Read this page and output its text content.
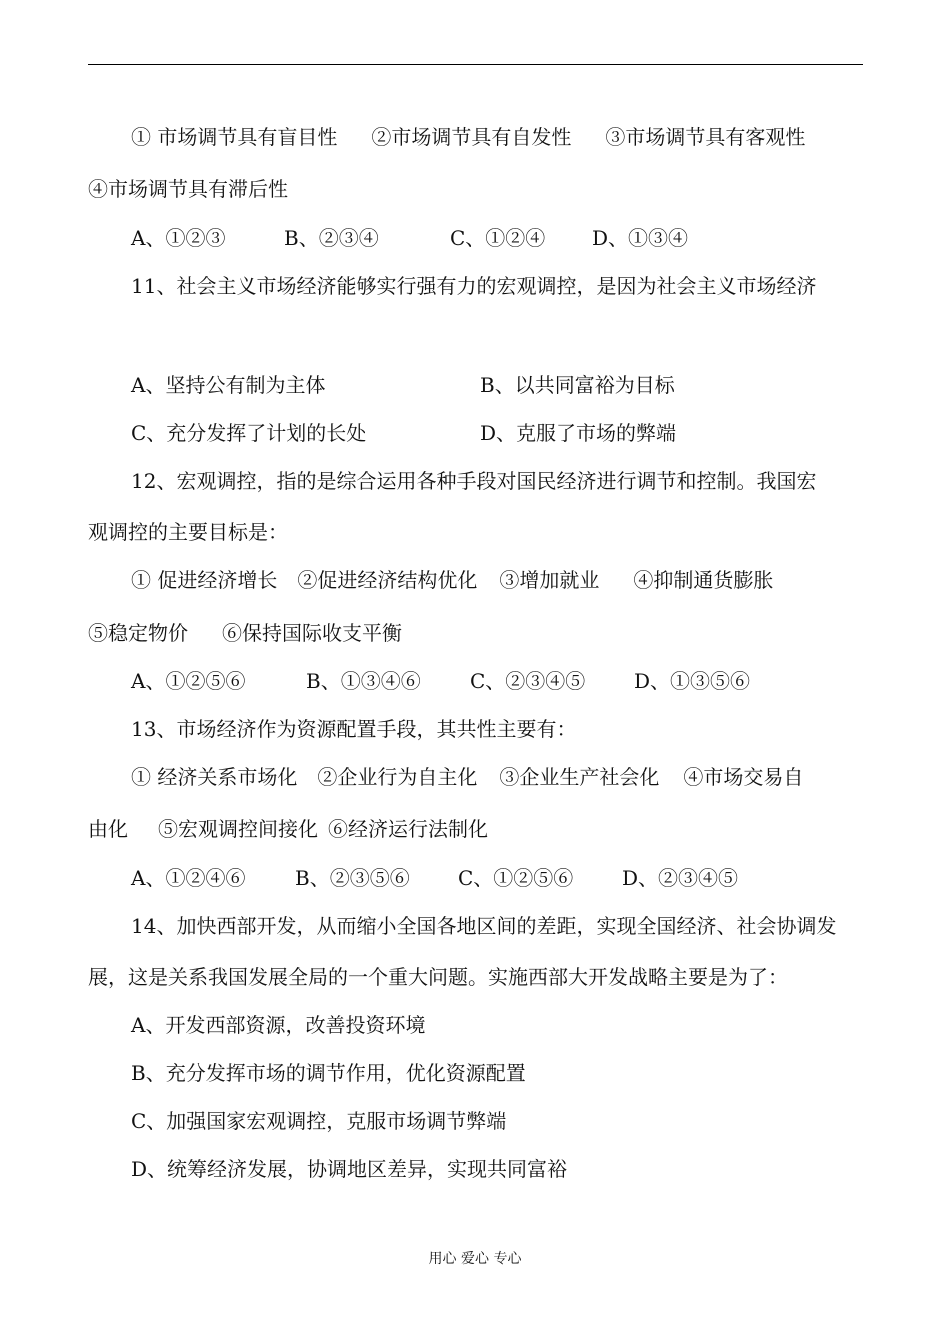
① 市场调节具有盲目性 ②市场调节具有自发性 ③市场调节具有客观性
④市场调节具有滞后性
A、①②③	B、②③④	C、①②④ D、①③④
11、社会主义市场经济能够实行强有力的宏观调控，是因为社会主义市场经济
A、坚持公有制为主体	B、以共同富裕为目标
C、充分发挥了计划的长处	D、克服了市场的弊端
12、宏观调控，指的是综合运用各种手段对国民经济进行调节和控制。我国宏
观调控的主要目标是：
① 促进经济增长 ②促进经济结构优化 ③增加就业 ④抑制通货膨胀
⑤稳定物价 ⑥保持国际收支平衡
A、①②⑤⑥	B、①③④⑥ C、②③④⑤ D、①③⑤⑥
13、市场经济作为资源配置手段，其共性主要有：
① 经济关系市场化 ②企业行为自主化 ③企业生产社会化 ④市场交易自
由化 ⑤宏观调控间接化 ⑥经济运行法制化
A、①②④⑥ B、②③⑤⑥ C、①②⑤⑥ D、②③④⑤
14、加快西部开发，从而缩小全国各地区间的差距，实现全国经济、社会协调发
展，这是关系我国发展全局的一个重大问题。实施西部大开发战略主要是为了：
A、开发西部资源，改善投资环境
B、充分发挥市场的调节作用，优化资源配置
C、加强国家宏观调控，克服市场调节弊端
D、统筹经济发展，协调地区差异，实现共同富裕
用心 爱心 专心
